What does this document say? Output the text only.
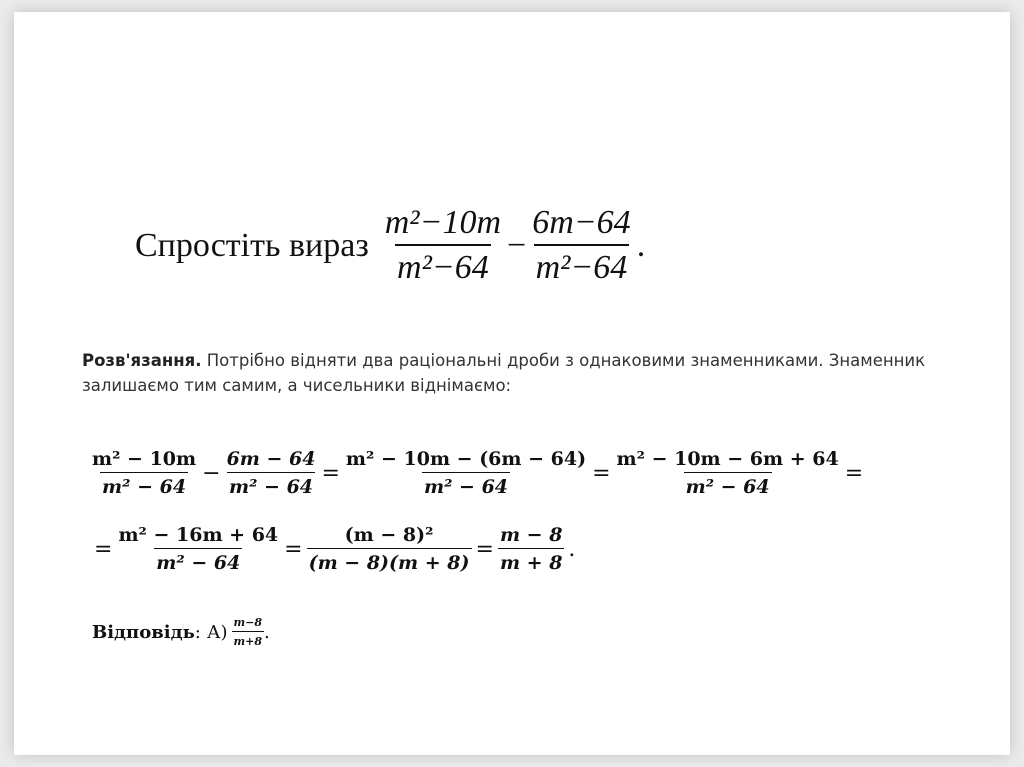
Спростіть вираз $\frac{\text{m²−10m}}{\text{m²−64}} - \frac{6m-64}{\text{m²−64}}$ .
Розв'язання. Потрібно відняти два раціональні дроби з однаковими знаменниками. Знаменник залишаємо тим самим, а чисельники віднімаємо:
$\frac{\text{m² − 10m}}{\text{m² − 64}} - \frac{6m - 64}{\text{m² − 64}} = \frac{\text{m² − 10m − (6m − 64)}}{\text{m² − 64}} = \frac{\text{m² − 10m − 6m + 64}}{\text{m² − 64}}$ =
= $\frac{\text{m² − 16m + 64}}{\text{m² − 64}} = \frac{\text{(m − 8)²}}{(m - 8)(m + 8)} = \frac{m - 8}{m + 8}$ .
Відповідь : $А) \frac{m-8}{m+8}$ .
